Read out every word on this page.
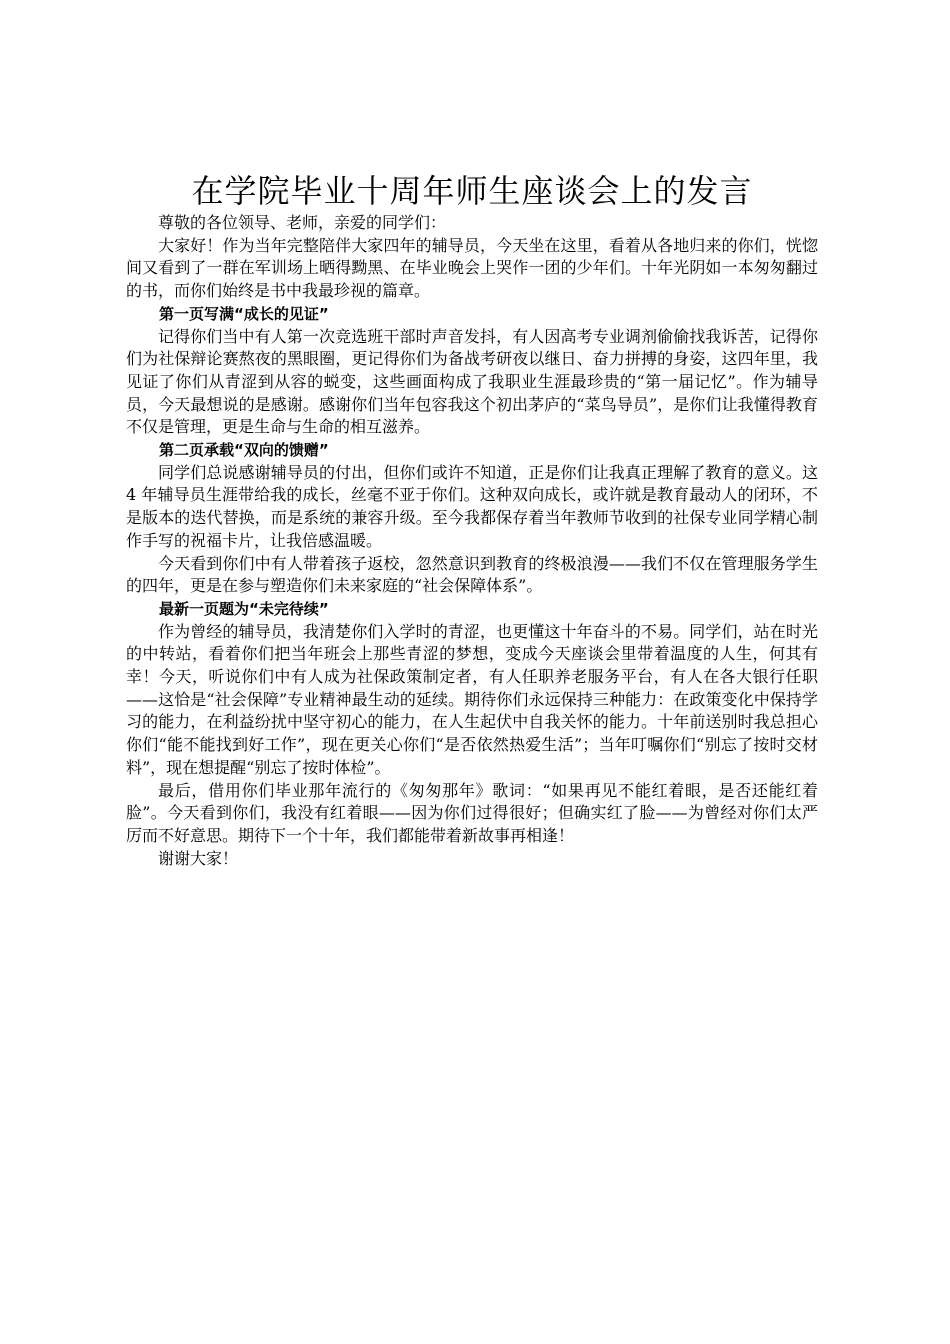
在学院毕业十周年师生座谈会上的发言

尊敬的各位领导、老师，亲爱的同学们：

大家好！作为当年完整陪伴大家四年的辅导员，今天坐在这里，看着从各地归来的你们，恍惚间又看到了一群在军训场上晒得黝黑、在毕业晚会上哭作一团的少年们。十年光阴如一本匆匆翻过的书，而你们始终是书中我最珍视的篇章。

第一页写满“成长的见证”

记得你们当中有人第一次竞选班干部时声音发抖，有人因高考专业调剂偷偷找我诉苦，记得你们为社保辩论赛熬夜的黑眼圈，更记得你们为备战考研夜以继日、奋力拼搏的身姿，这四年里，我见证了你们从青涩到从容的蜕变，这些画面构成了我职业生涯最珍贵的“第一届记忆”。作为辅导员，今天最想说的是感谢。感谢你们当年包容我这个初出茅庐的“菜鸟导员”，是你们让我懂得教育不仅是管理，更是生命与生命的相互滋养。

第二页承载“双向的馈赠”

同学们总说感谢辅导员的付出，但你们或许不知道，正是你们让我真正理解了教育的意义。这 4 年辅导员生涯带给我的成长，丝毫不亚于你们。这种双向成长，或许就是教育最动人的闭环，不是版本的迭代替换，而是系统的兼容升级。至今我都保存着当年教师节收到的社保专业同学精心制作手写的祝福卡片，让我倍感温暖。

今天看到你们中有人带着孩子返校，忽然意识到教育的终极浪漫——我们不仅在管理服务学生的四年，更是在参与塑造你们未来家庭的“社会保障体系”。

最新一页题为“未完待续”

作为曾经的辅导员，我清楚你们入学时的青涩，也更懂这十年奋斗的不易。同学们，站在时光的中转站，看着你们把当年班会上那些青涩的梦想，变成今天座谈会里带着温度的人生，何其有幸！今天，听说你们中有人成为社保政策制定者，有人任职养老服务平台，有人在各大银行任职——这恰是“社会保障”专业精神最生动的延续。期待你们永远保持三种能力：在政策变化中保持学习的能力，在利益纷扰中坚守初心的能力，在人生起伏中自我关怀的能力。十年前送别时我总担心你们“能不能找到好工作”，现在更关心你们“是否依然热爱生活”；当年叮嘱你们“别忘了按时交材料”，现在想提醒“别忘了按时体检”。

最后，借用你们毕业那年流行的《匆匆那年》歌词：“如果再见不能红着眼，是否还能红着脸”。今天看到你们，我没有红着眼——因为你们过得很好；但确实红了脸——为曾经对你们太严厉而不好意思。期待下一个十年，我们都能带着新故事再相逢！

谢谢大家！
